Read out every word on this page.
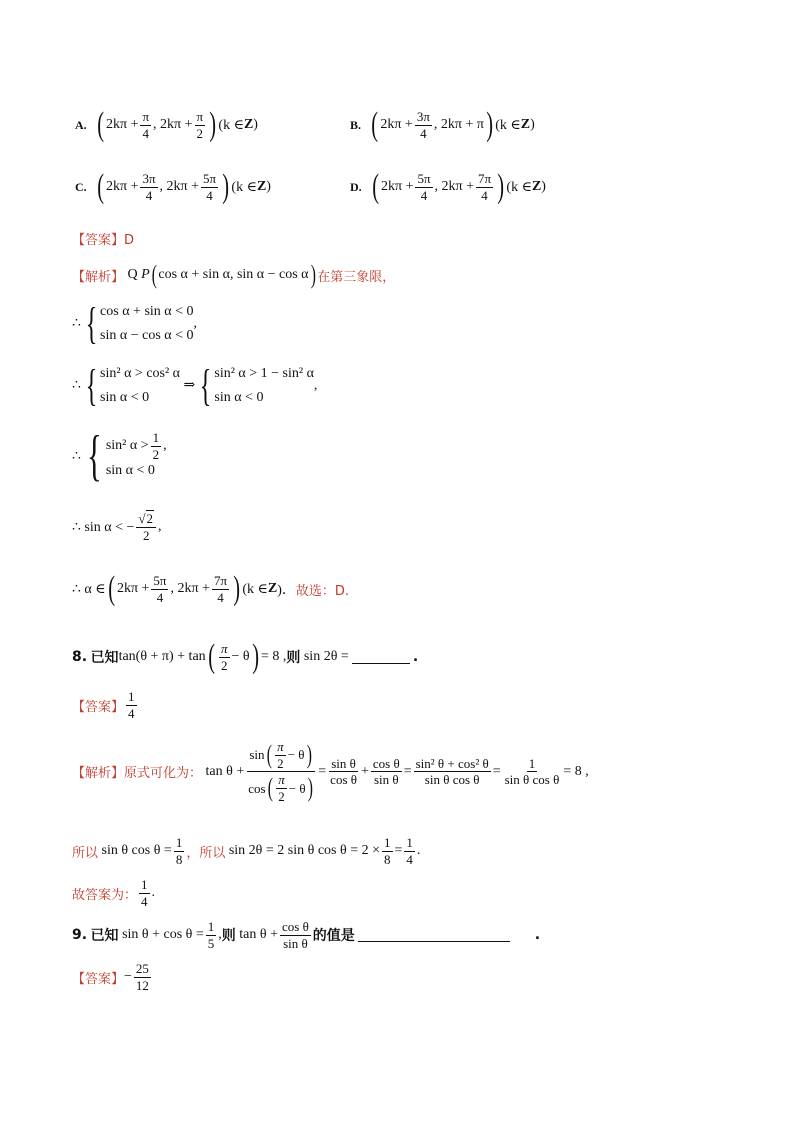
A. ( $2k\pi + \frac{\pi}{4}$ , $2k\pi + \frac{\pi}{2}$ ) (k ∈ Z )	B. ( $2k\pi + \frac{3\pi}{4}$ , 2kπ + π ) (k ∈ Z )
C. ( $2k\pi + \frac{3\pi}{4}$ , $2k\pi + \frac{5\pi}{4}$ ) (k ∈ Z )	D. ( $2k\pi + \frac{5\pi}{4}$ , $2k\pi + \frac{7\pi}{4}$ ) (k ∈ Z )
【答案】D
【解析】 Q P ( cos α + sin α, sin α − cos α ) 在第三象限，
∴ { cos α + sin α < 0
sin α − cos α < 0
,
∴ { sin² α > cos² α
sin α < 0
⇒ { sin² α > 1 − sin² α
sin α < 0
,
∴ { sin² $\alpha > \frac{1}{2}$ ,
sin α < 0
∴ sin α < − $\frac{√2}{2}$ ,
∴ α ∈ ( $2k\pi + \frac{5\pi}{4}$ , $2k\pi + \frac{7\pi}{4}$ ) (k ∈ Z )． 故选：D.
8.
已知 tan(θ + π) + tan ( $\frac{\pi}{2} - \theta$ ) = 8 , 则 sin 2θ =	.
【答案】 $\frac{1}{4}$
【解析】 原式可化为： $\tan \theta + \frac{\sin ( \frac{\pi}{2} - \theta )}{\cos ( \frac{\pi}{2} - \theta )} = \frac{\text{sin θ}}{\text{cos θ}} + \frac{\text{cos θ}}{\text{sin θ}} = \frac{\text{sin² θ + cos² θ}}{\text{sin θ cos θ}} = \frac{1}{\text{sin θ cos θ}} = 8$ ,
所以 sin θ $\cos \theta = \frac{1}{8}$ ，所以 sin 2θ = 2 sin θ $\cos \theta = 2 \times \frac{1}{8} = \frac{1}{4}$ .
故答案为： $\frac{1}{4}$ .
9.
已知 $\sin \theta + \cos \theta = \frac{1}{5}$ , 则 $\tan \theta + \frac{\text{cos θ}}{\text{sin θ}}$ 的值是	.
【答案】 − $\frac{25}{12}$
